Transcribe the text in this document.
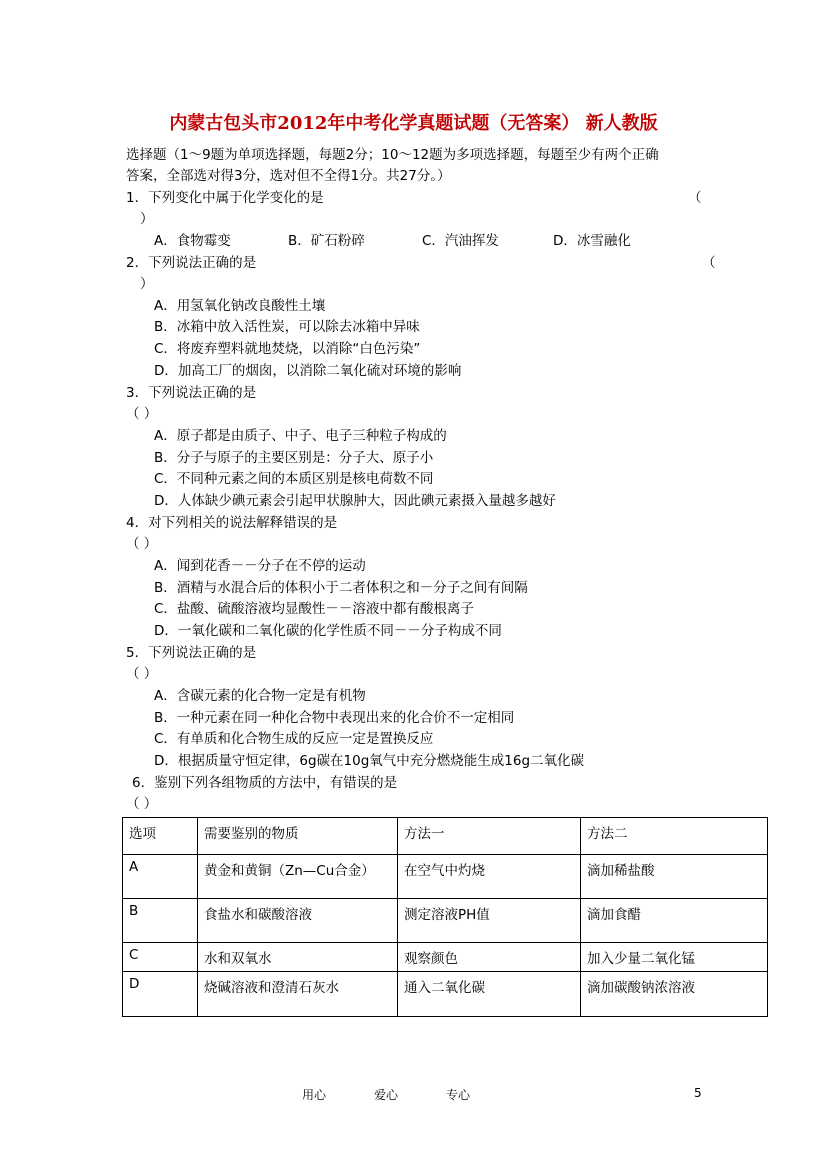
内蒙古包头市2012年中考化学真题试题（无答案） 新人教版
选择题（1～9题为单项选择题，每题2分；10～12题为多项选择题，每题至少有两个正确
答案，全部选对得3分，选对但不全得1分。共27分。）
1．下列变化中属于化学变化的是	（
）
A．食物霉变	B．矿石粉碎	C．汽油挥发	D．冰雪融化
2．下列说法正确的是	（
）
A．用氢氧化钠改良酸性土壤
B．冰箱中放入活性炭，可以除去冰箱中异味
C．将废弃塑料就地焚烧，以消除“白色污染”
D．加高工厂的烟囱，以消除二氧化硫对环境的影响
3．下列说法正确的是
（ ）
A．原子都是由质子、中子、电子三种粒子构成的
B．分子与原子的主要区别是：分子大、原子小
C．不同种元素之间的本质区别是核电荷数不同
D．人体缺少碘元素会引起甲状腺肿大，因此碘元素摄入量越多越好
4．对下列相关的说法解释错误的是
（ ）
A．闻到花香－－分子在不停的运动
B．酒精与水混合后的体积小于二者体积之和－分子之间有间隔
C．盐酸、硫酸溶液均显酸性－－溶液中都有酸根离子
D．一氧化碳和二氧化碳的化学性质不同－－分子构成不同
5．下列说法正确的是
（ ）
A．含碳元素的化合物一定是有机物
B．一种元素在同一种化合物中表现出来的化合价不一定相同
C．有单质和化合物生成的反应一定是置换反应
D．根据质量守恒定律，6g碳在10g氧气中充分燃烧能生成16g二氧化碳
6．鉴别下列各组物质的方法中，有错误的是
（ ）
选项	需要鉴别的物质	方法一	方法二
A	黄金和黄铜（Zn—Cu合金）	在空气中灼烧	滴加稀盐酸
B	食盐水和碳酸溶液	测定溶液PH值	滴加食醋
C	水和双氧水	观察颜色	加入少量二氧化锰
D	烧碱溶液和澄清石灰水	通入二氧化碳	滴加碳酸钠浓溶液
用心	爱心	专心	5
